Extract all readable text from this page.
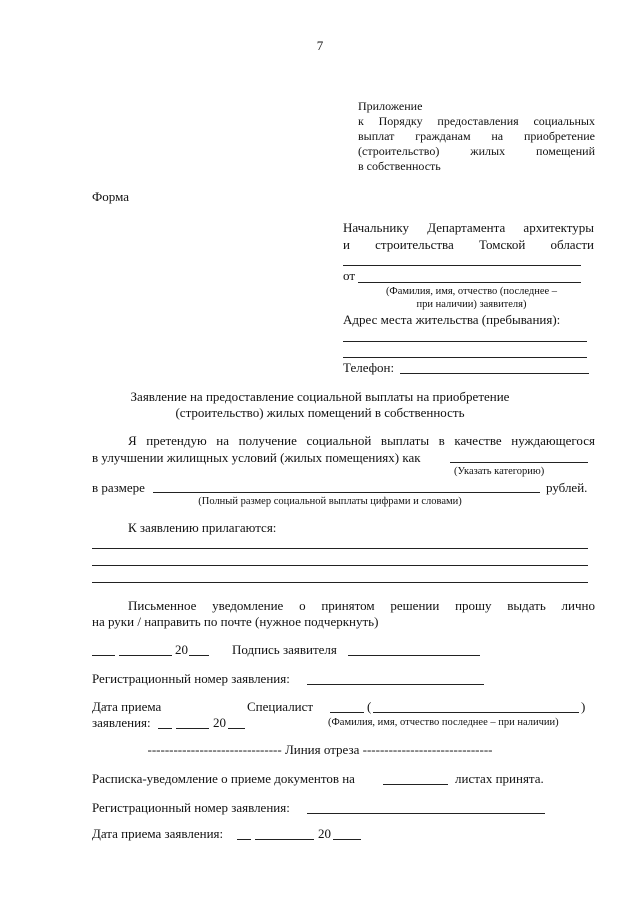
7
Приложение
к Порядку предоставления социальных
выплат гражданам на приобретение
(строительство) жилых помещений
в собственность
Форма
Начальнику Департамента архитектуры
и строительства Томской области
от
(Фамилия, имя, отчество (последнее –
при наличии) заявителя)
Адрес места жительства (пребывания):
Телефон:
Заявление на предоставление социальной выплаты на приобретение
(строительство) жилых помещений в собственность
Я претендую на получение социальной выплаты в качестве нуждающегося
в улучшении жилищных условий (жилых помещениях) как
(Указать категорию)
в размере	рублей.
(Полный размер социальной выплаты цифрами и словами)
К заявлению прилагаются:
Письменное уведомление о принятом решении прошу выдать лично
на руки / направить по почте (нужное подчеркнуть)
20	Подпись заявителя
Регистрационный номер заявления:
Дата приема
заявления:	20
Специалист	(	)
(Фамилия, имя, отчество последнее – при наличии)
------------------------------- Линия отреза ------------------------------
Расписка-уведомление о приеме документов на	листах принята.
Регистрационный номер заявления:
Дата приема заявления:	20
